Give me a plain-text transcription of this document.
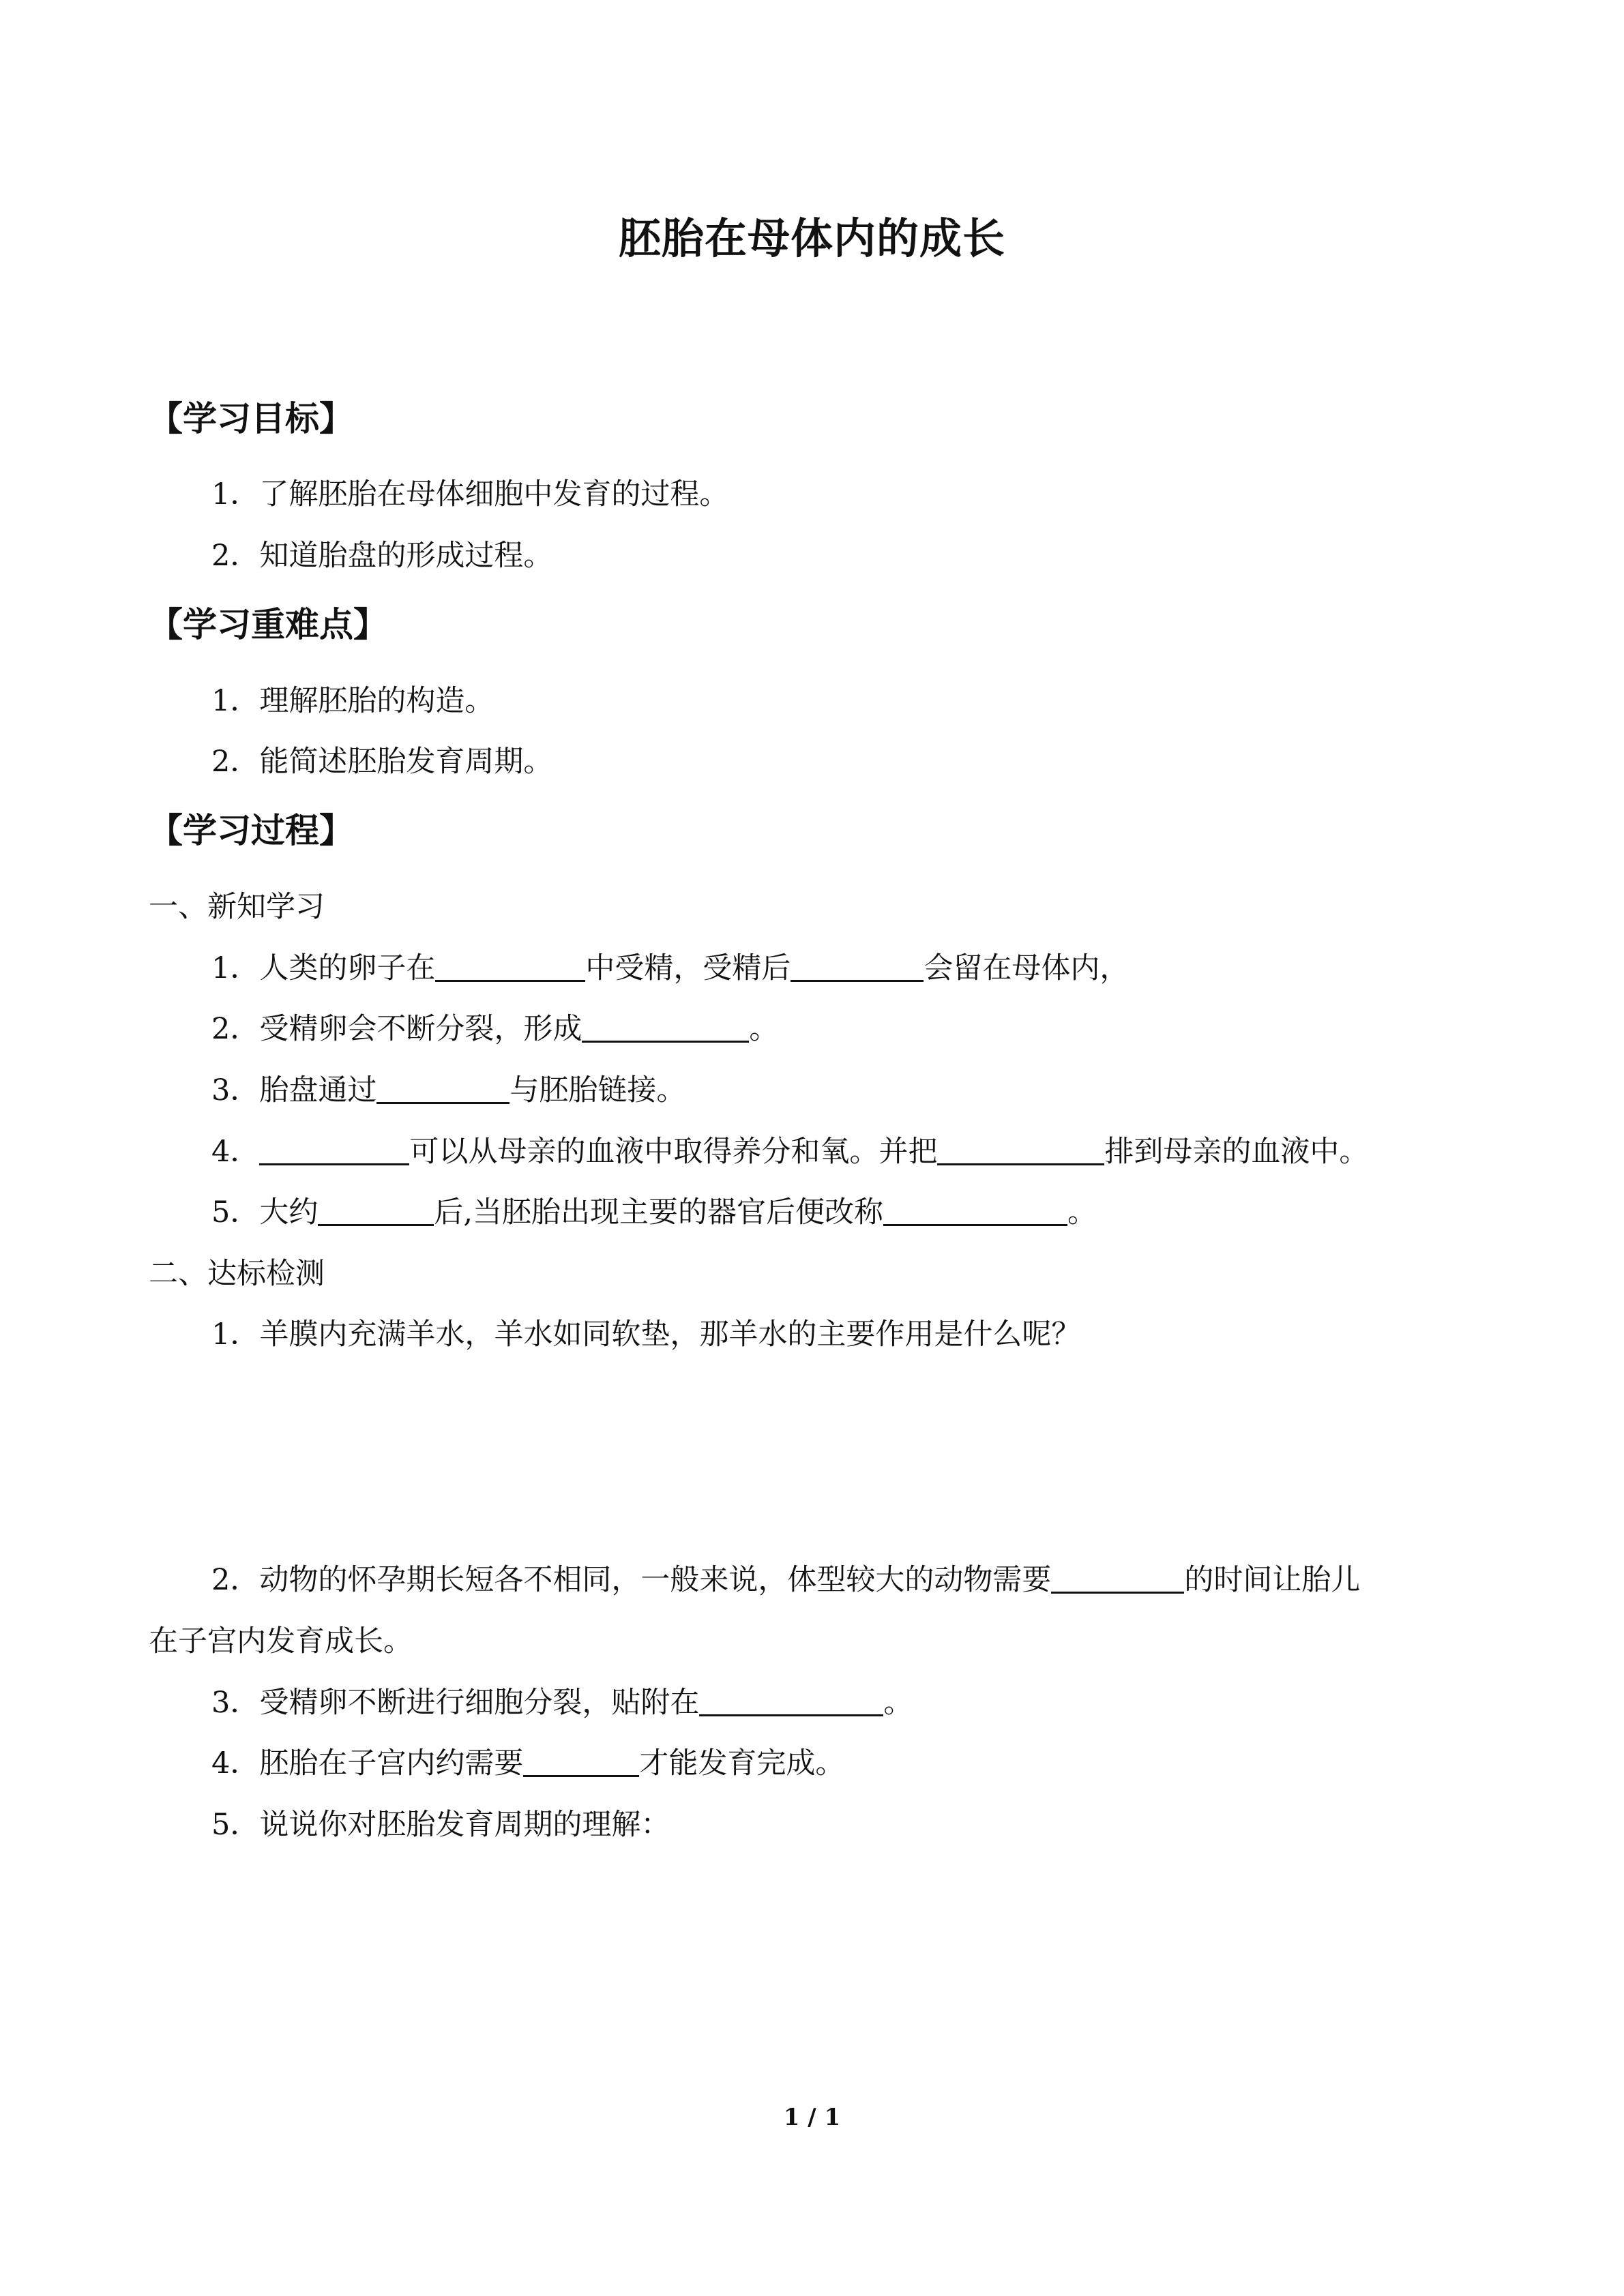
胚胎在母体内的成长
【学习目标】
1．了解胚胎在母体细胞中发育的过程。
2．知道胎盘的形成过程。
【学习重难点】
1．理解胚胎的构造。
2．能简述胚胎发育周期。
【学习过程】
一、新知学习
1．人类的卵子在	中受精，受精后	会留在母体内，
2．受精卵会不断分裂，形成	。
3．胎盘通过	与胚胎链接。
4．	可以从母亲的血液中取得养分和氧。并把	排到母亲的血液中。
5．大约	后,当胚胎出现主要的器官后便改称	。
二、达标检测
1．羊膜内充满羊水，羊水如同软垫，那羊水的主要作用是什么呢？
2．动物的怀孕期长短各不相同，一般来说，体型较大的动物需要	的时间让胎儿
在子宫内发育成长。
3．受精卵不断进行细胞分裂，贴附在	。
4．胚胎在子宫内约需要	才能发育完成。
5．说说你对胚胎发育周期的理解：
1 / 1
